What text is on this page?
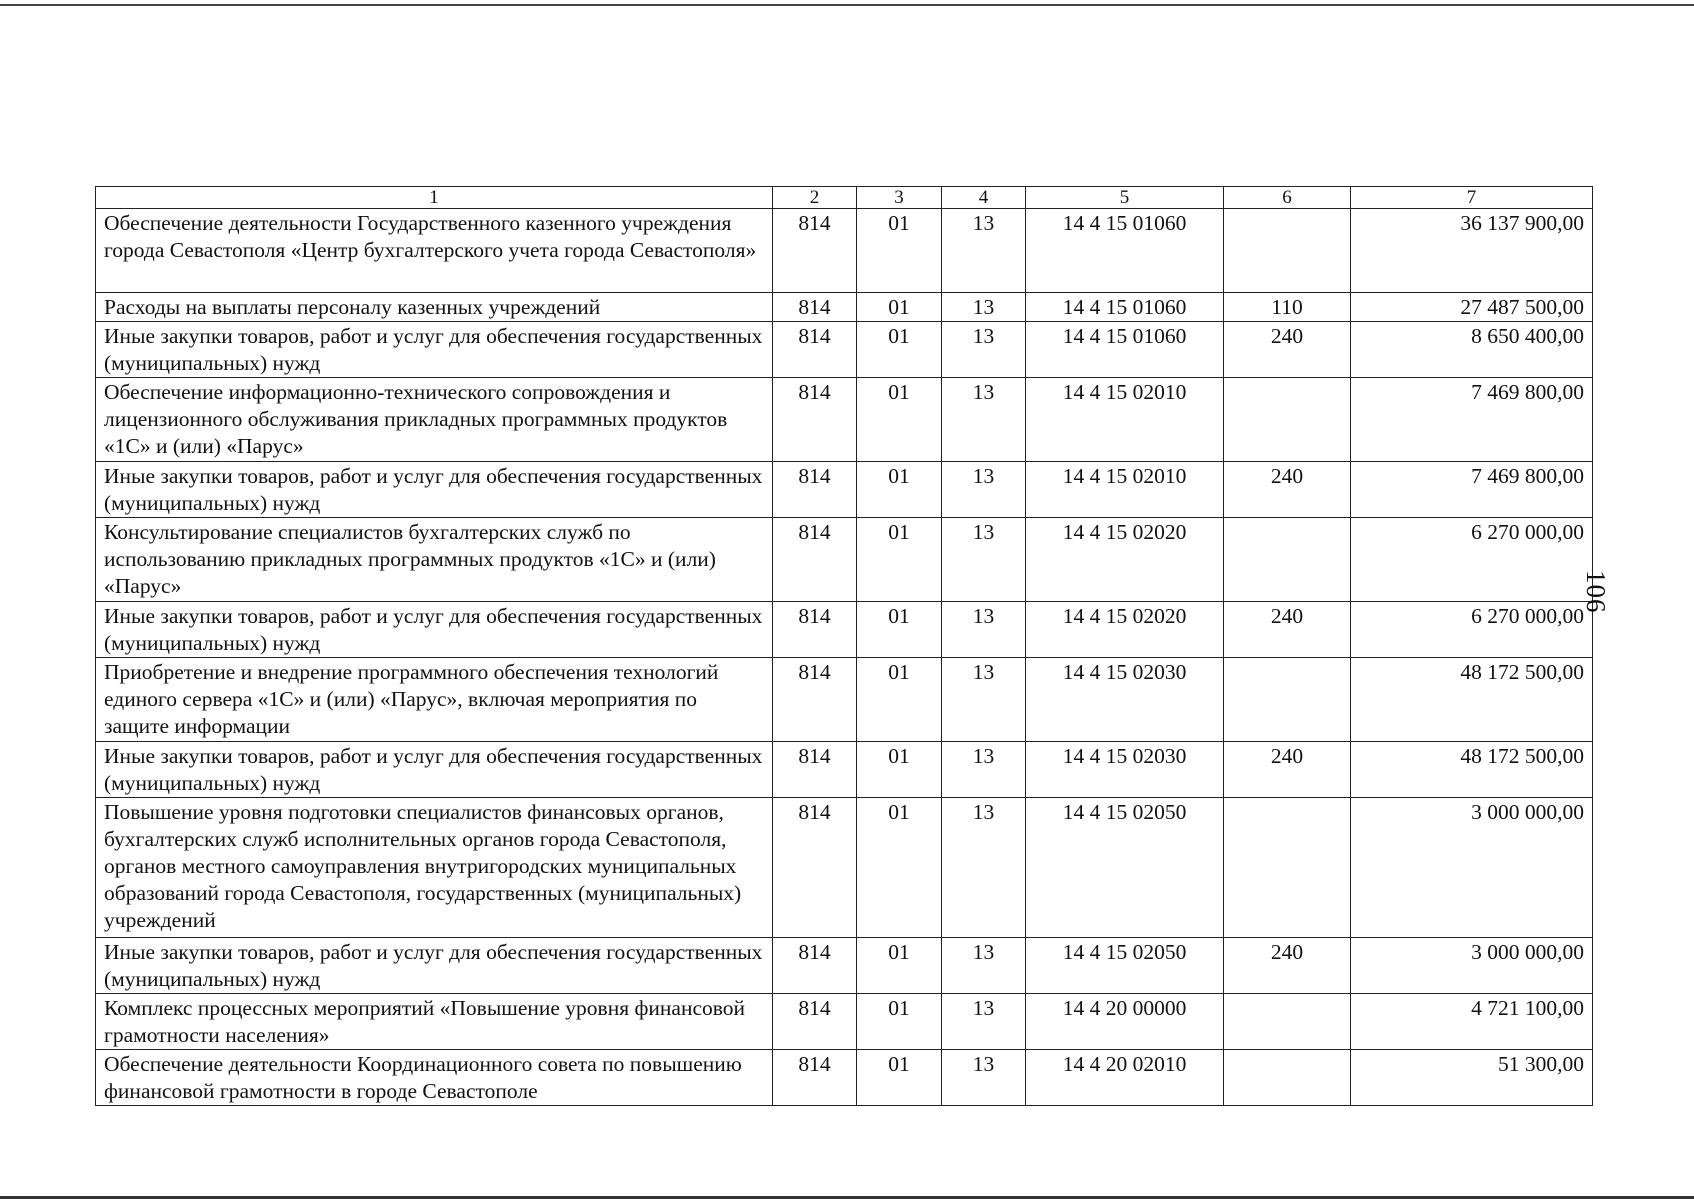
1	2	3	4	5	6	7
Обеспечение деятельности Государственного казенного учреждения города Севастополя «Центр бухгалтерского учета города Севастополя»	814	01	13	14 4 15 01060		36 137 900,00
Расходы на выплаты персоналу казенных учреждений	814	01	13	14 4 15 01060	110	27 487 500,00
Иные закупки товаров, работ и услуг для обеспечения государственных (муниципальных) нужд	814	01	13	14 4 15 01060	240	8 650 400,00
Обеспечение информационно-технического сопровождения и лицензионного обслуживания прикладных программных продуктов «1С» и (или) «Парус»	814	01	13	14 4 15 02010		7 469 800,00
Иные закупки товаров, работ и услуг для обеспечения государственных (муниципальных) нужд	814	01	13	14 4 15 02010	240	7 469 800,00
Консультирование специалистов бухгалтерских служб по использованию прикладных программных продуктов «1С» и (или) «Парус»	814	01	13	14 4 15 02020		6 270 000,00
Иные закупки товаров, работ и услуг для обеспечения государственных (муниципальных) нужд	814	01	13	14 4 15 02020	240	6 270 000,00
Приобретение и внедрение программного обеспечения технологий единого сервера «1С» и (или) «Парус», включая мероприятия по защите информации	814	01	13	14 4 15 02030		48 172 500,00
Иные закупки товаров, работ и услуг для обеспечения государственных (муниципальных) нужд	814	01	13	14 4 15 02030	240	48 172 500,00
Повышение уровня подготовки специалистов финансовых органов, бухгалтерских служб исполнительных органов города Севастополя, органов местного самоуправления внутригородских муниципальных образований города Севастополя, государственных (муниципальных) учреждений	814	01	13	14 4 15 02050		3 000 000,00
Иные закупки товаров, работ и услуг для обеспечения государственных (муниципальных) нужд	814	01	13	14 4 15 02050	240	3 000 000,00
Комплекс процессных мероприятий «Повышение уровня финансовой грамотности населения»	814	01	13	14 4 20 00000		4 721 100,00
Обеспечение деятельности Координационного совета по повышению финансовой грамотности в городе Севастополе	814	01	13	14 4 20 02010		51 300,00
106
